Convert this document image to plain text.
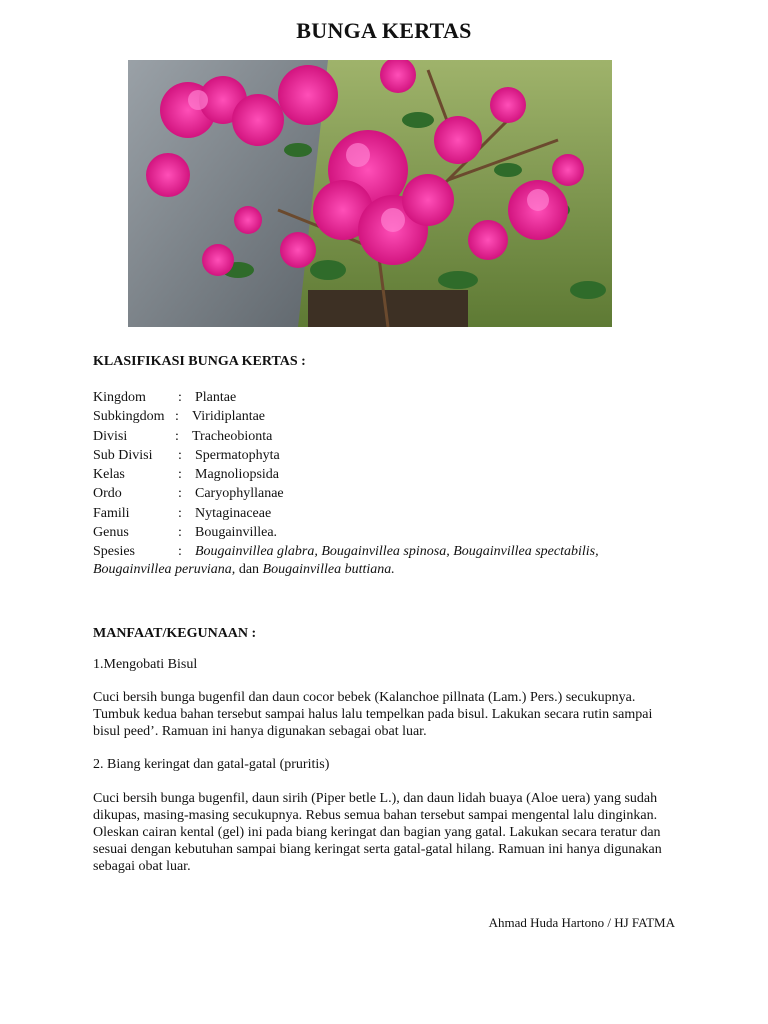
BUNGA KERTAS
KLASIFIKASI BUNGA KERTAS :
Kingdom : Plantae
Subkingdom : Viridiplantae
Divisi	: Tracheobionta
Sub Divisi : Spermatophyta
Kelas	: Magnoliopsida
Ordo	: Caryophyllanae
Famili	: Nytaginaceae
Genus	: Bougainvillea.
Spesies	: Bougainvillea glabra, Bougainvillea spinosa, Bougainvillea spectabilis,
Bougainvillea peruviana, dan Bougainvillea buttiana.
MANFAAT/KEGUNAAN :
1.Mengobati Bisul
Cuci bersih bunga bugenfil dan daun cocor bebek (Kalanchoe pillnata (Lam.) Pers.) secukupnya. Tumbuk kedua bahan tersebut sampai halus lalu tempelkan pada bisul. Lakukan secara rutin sampai bisul peed’. Ramuan ini hanya digunakan sebagai obat luar.
2. Biang keringat dan gatal-gatal (pruritis)
Cuci bersih bunga bugenfil, daun sirih (Piper betle L.), dan daun lidah buaya (Aloe uera) yang sudah dikupas, masing-masing secukupnya. Rebus semua bahan tersebut sampai mengental lalu dinginkan. Oleskan cairan kental (gel) ini pada biang keringat dan bagian yang gatal. Lakukan secara teratur dan sesuai dengan kebutuhan sampai biang keringat serta gatal-gatal hilang. Ramuan ini hanya digunakan sebagai obat luar.
Ahmad Huda Hartono / HJ FATMA
